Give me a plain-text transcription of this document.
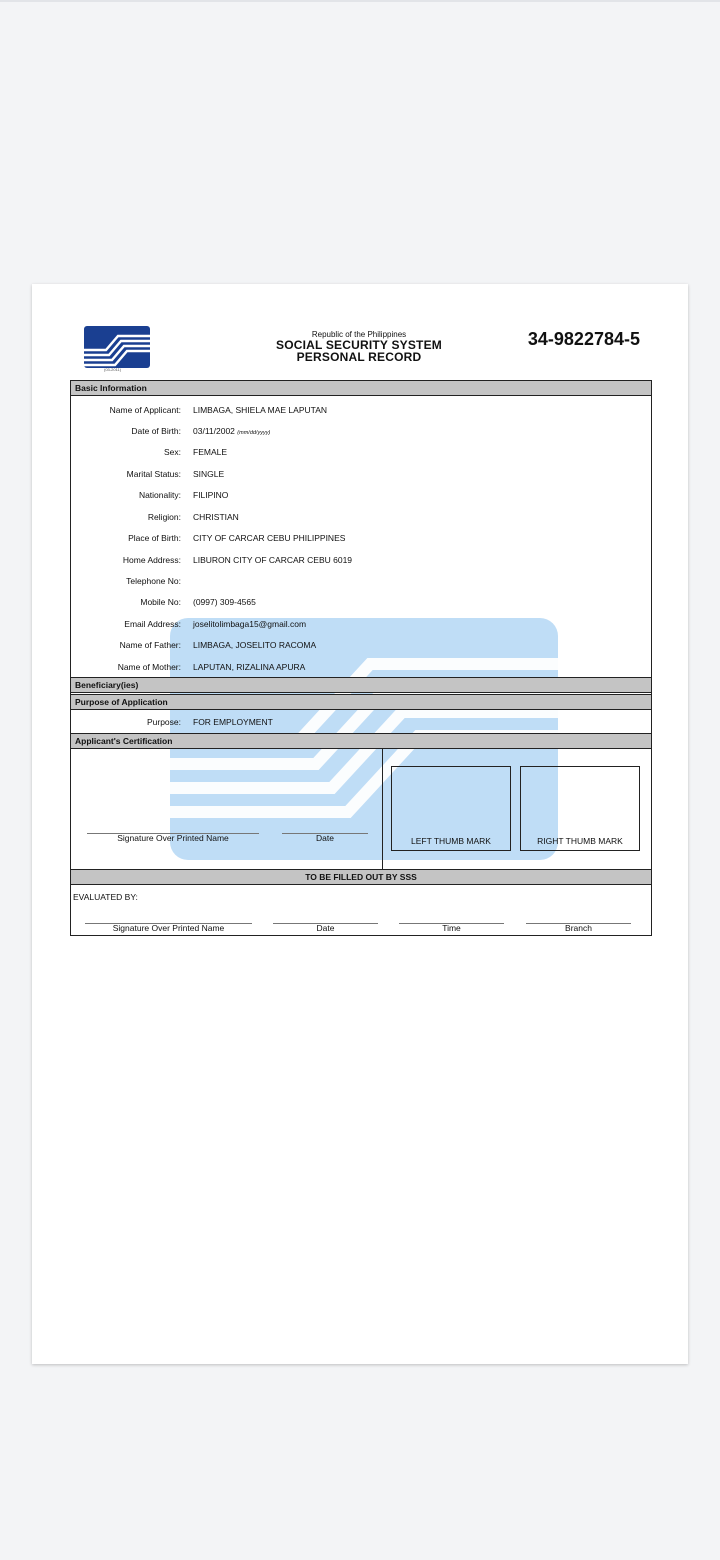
(03-2011)
Republic of the Philippines
SOCIAL SECURITY SYSTEM
PERSONAL RECORD
34-9822784-5
Basic Information
Name of Applicant: LIMBAGA, SHIELA MAE LAPUTAN
Date of Birth: 03/11/2002 (mm/dd/yyyy)
Sex: FEMALE
Marital Status: SINGLE
Nationality: FILIPINO
Religion: CHRISTIAN
Place of Birth: CITY OF CARCAR CEBU PHILIPPINES
Home Address: LIBURON CITY OF CARCAR CEBU 6019
Telephone No:
Mobile No: (0997) 309-4565
Email Address: joselitolimbaga15@gmail.com
Name of Father: LIMBAGA, JOSELITO RACOMA
Name of Mother: LAPUTAN, RIZALINA APURA
Beneficiary(ies)
Purpose of Application
Purpose: FOR EMPLOYMENT
Applicant's Certification
Signature Over Printed Name	Date	LEFT THUMB MARK	RIGHT THUMB MARK
TO BE FILLED OUT BY SSS
EVALUATED BY:
Signature Over Printed Name	Date	Time	Branch
